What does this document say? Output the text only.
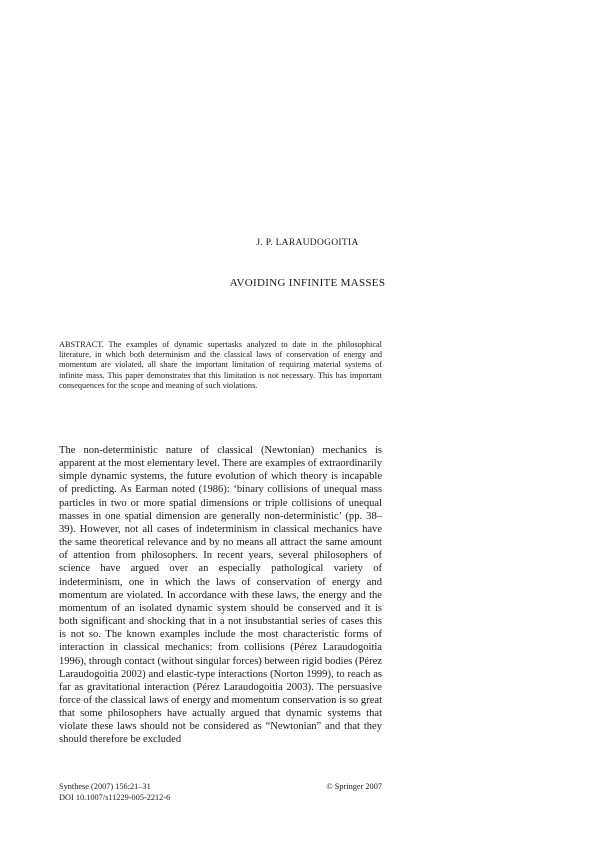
J. P. LARAUDOGOITIA
AVOIDING INFINITE MASSES

ABSTRACT. The examples of dynamic supertasks analyzed to date in the philosophical literature, in which both determinism and the classical laws of conservation of energy and momentum are violated, all share the important limitation of requiring material systems of infinite mass. This paper demonstrates that this limitation is not necessary. This has important consequences for the scope and meaning of such violations.

The non-deterministic nature of classical (Newtonian) mechanics is apparent at the most elementary level. There are examples of extraordinarily simple dynamic systems, the future evolution of which theory is incapable of predicting. As Earman noted (1986): ‘binary collisions of unequal mass particles in two or more spatial dimensions or triple collisions of unequal masses in one spatial dimension are generally non-deterministic’ (pp. 38–39). However, not all cases of indeterminism in classical mechanics have the same theoretical relevance and by no means all attract the same amount of attention from philosophers. In recent years, several philosophers of science have argued over an especially pathological variety of indeterminism, one in which the laws of conservation of energy and momentum are violated. In accordance with these laws, the energy and the momentum of an isolated dynamic system should be conserved and it is both significant and shocking that in a not insubstantial series of cases this is not so. The known examples include the most characteristic forms of interaction in classical mechanics: from collisions (Pérez Laraudogoitia 1996), through contact (without singular forces) between rigid bodies (Pérez Laraudogoitia 2002) and elastic-type interactions (Norton 1999), to reach as far as gravitational interaction (Pérez Laraudogoitia 2003). The persuasive force of the classical laws of energy and momentum conservation is so great that some philosophers have actually argued that dynamic systems that violate these laws should not be considered as “Newtonian” and that they should therefore be excluded

Synthese (2007) 156:21–31	© Springer 2007
DOI 10.1007/s11229-005-2212-6
